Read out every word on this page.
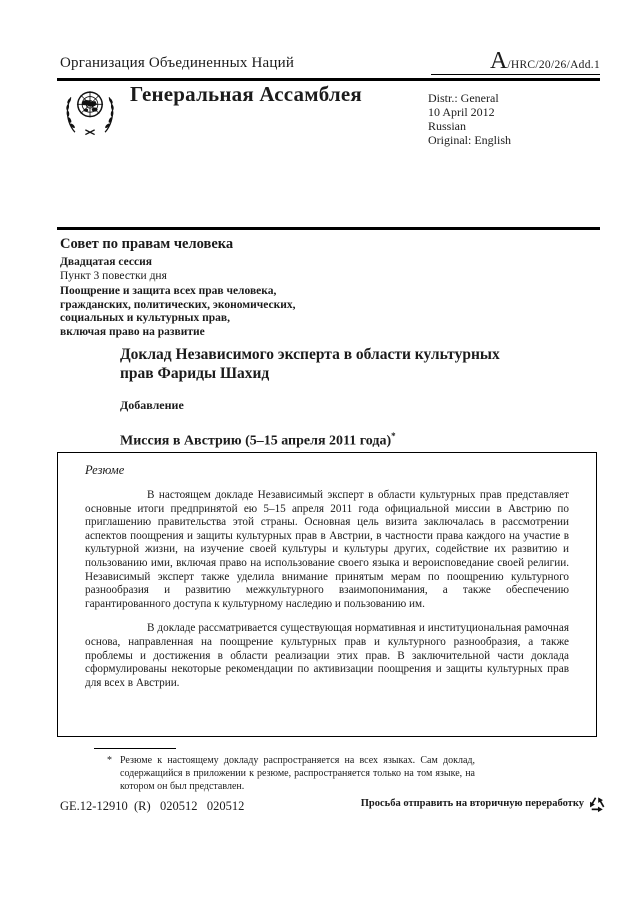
Организация Объединенных Наций	A /HRC/20/26/Add.1
Генеральная Ассамблея	Distr.: General
10 April 2012
Russian
Original: English
Совет по правам человека
Двадцатая сессия
Пункт 3 повестки дня
Поощрение и защита всех прав человека,
гражданских, политических, экономических,
социальных и культурных прав,
включая право на развитие
Доклад Независимого эксперта в области культурных прав Фариды Шахид
Добавление
Миссия в Австрию (5–15 апреля 2011 года)*
Резюме

В настоящем докладе Независимый эксперт в области культурных прав представляет основные итоги предпринятой ею 5–15 апреля 2011 года официальной миссии в Австрию по приглашению правительства этой страны. Основная цель визита заключалась в рассмотрении аспектов поощрения и защиты культурных прав в Австрии, в частности права каждого на участие в культурной жизни, на изучение своей культуры и культуры других, содействие их развитию и пользованию ими, включая право на использование своего языка и вероисповедание своей религии. Независимый эксперт также уделила внимание принятым мерам по поощрению культурного разнообразия и развитию межкультурного взаимопонимания, а также обеспечению гарантированного доступа к культурному наследию и пользованию им.

В докладе рассматривается существующая нормативная и институциональная рамочная основа, направленная на поощрение культурных прав и культурного разнообразия, а также проблемы и достижения в области реализации этих прав. В заключительной части доклада сформулированы некоторые рекомендации по активизации поощрения и защиты культурных прав для всех в Австрии.

* Резюме к настоящему докладу распространяется на всех языках. Сам доклад, содержащийся в приложении к резюме, распространяется только на том языке, на котором он был представлен.
GE.12-12910  (R)   020512   020512	Просьба отправить на вторичную переработку
